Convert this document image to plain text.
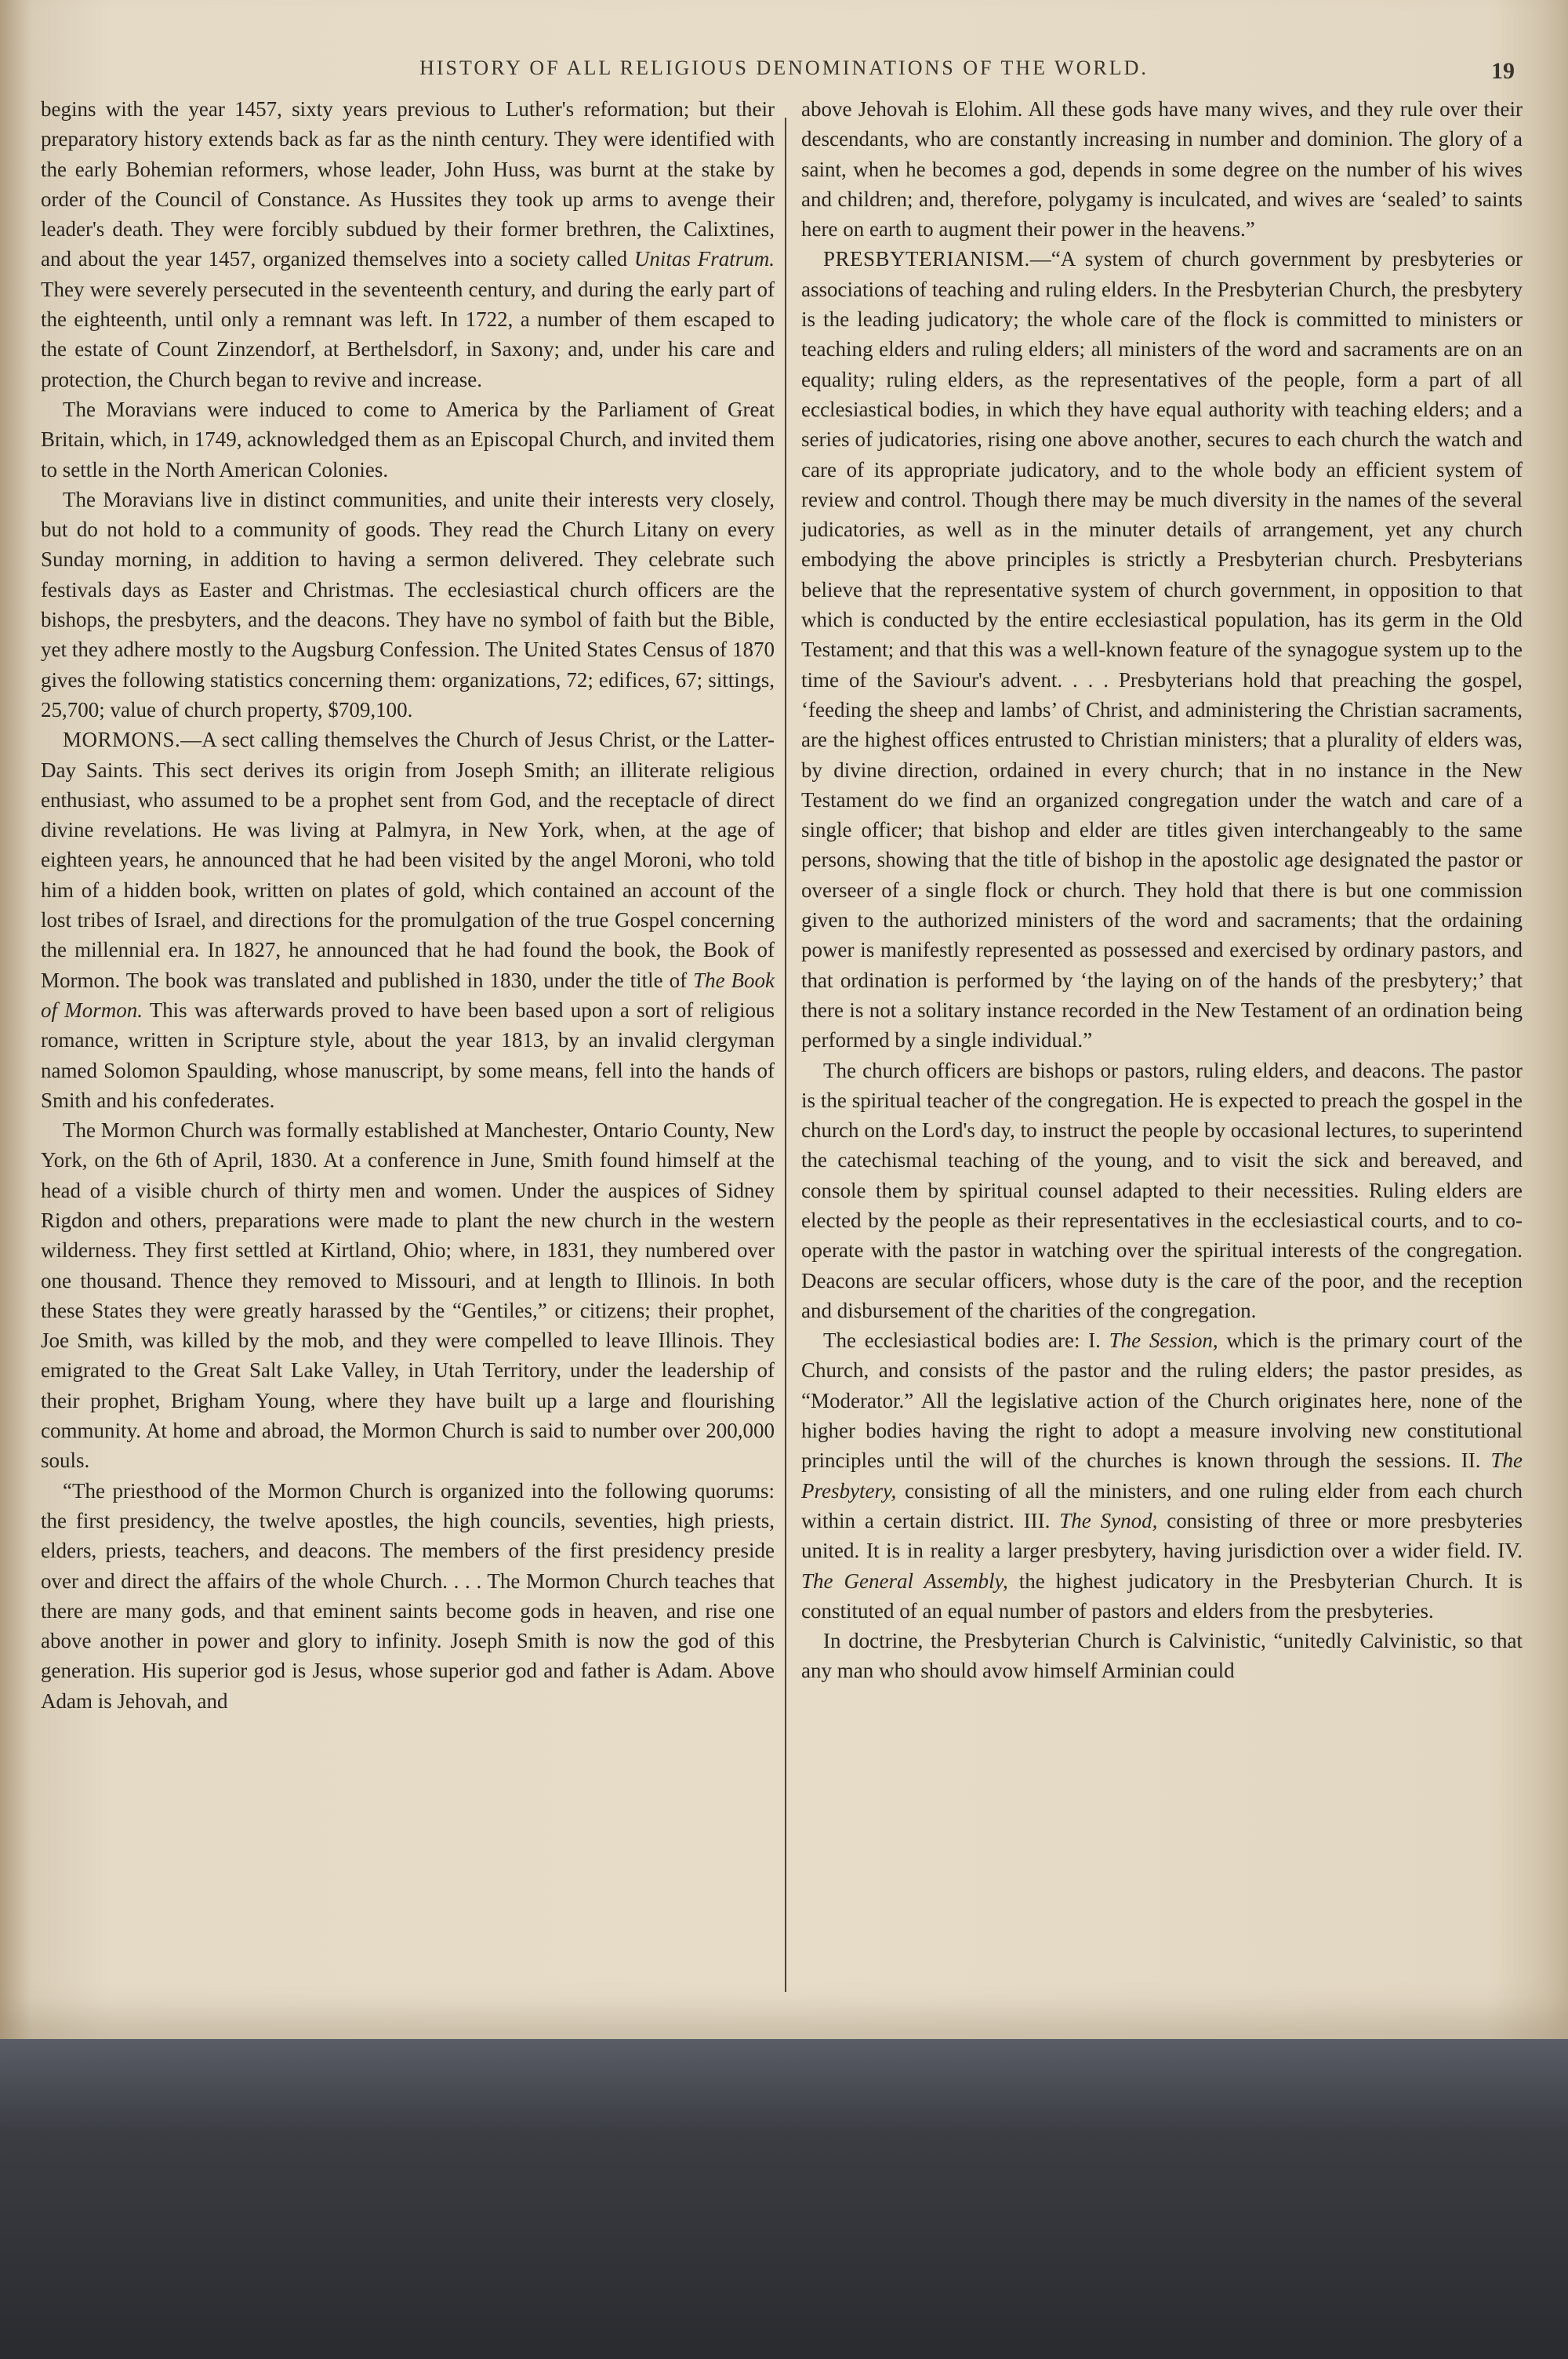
HISTORY OF ALL RELIGIOUS DENOMINATIONS OF THE WORLD.	19

begins with the year 1457, sixty years previous to Luther's reformation; but their preparatory history extends back as far as the ninth century. They were identified with the early Bohemian reformers, whose leader, John Huss, was burnt at the stake by order of the Council of Constance. As Hussites they took up arms to avenge their leader's death. They were forcibly subdued by their former brethren, the Calixtines, and about the year 1457, organized themselves into a society called Unitas Fratrum. They were severely persecuted in the seventeenth century, and during the early part of the eighteenth, until only a remnant was left. In 1722, a number of them escaped to the estate of Count Zinzendorf, at Berthelsdorf, in Saxony; and, under his care and protection, the Church began to revive and increase.

The Moravians were induced to come to America by the Parliament of Great Britain, which, in 1749, acknowledged them as an Episcopal Church, and invited them to settle in the North American Colonies.

The Moravians live in distinct communities, and unite their interests very closely, but do not hold to a community of goods. They read the Church Litany on every Sunday morning, in addition to having a sermon delivered. They celebrate such festivals days as Easter and Christmas. The ecclesiastical church officers are the bishops, the presbyters, and the deacons. They have no symbol of faith but the Bible, yet they adhere mostly to the Augsburg Confession. The United States Census of 1870 gives the following statistics concerning them: organizations, 72; edifices, 67; sittings, 25,700; value of church property, $709,100.

MORMONS.—A sect calling themselves the Church of Jesus Christ, or the Latter-Day Saints. This sect derives its origin from Joseph Smith; an illiterate religious enthusiast, who assumed to be a prophet sent from God, and the receptacle of direct divine revelations. He was living at Palmyra, in New York, when, at the age of eighteen years, he announced that he had been visited by the angel Moroni, who told him of a hidden book, written on plates of gold, which contained an account of the lost tribes of Israel, and directions for the promulgation of the true Gospel concerning the millennial era. In 1827, he announced that he had found the book, the Book of Mormon. The book was translated and published in 1830, under the title of The Book of Mormon. This was afterwards proved to have been based upon a sort of religious romance, written in Scripture style, about the year 1813, by an invalid clergyman named Solomon Spaulding, whose manuscript, by some means, fell into the hands of Smith and his confederates.

The Mormon Church was formally established at Manchester, Ontario County, New York, on the 6th of April, 1830. At a conference in June, Smith found himself at the head of a visible church of thirty men and women. Under the auspices of Sidney Rigdon and others, preparations were made to plant the new church in the western wilderness. They first settled at Kirtland, Ohio; where, in 1831, they numbered over one thousand. Thence they removed to Missouri, and at length to Illinois. In both these States they were greatly harassed by the “Gentiles,” or citizens; their prophet, Joe Smith, was killed by the mob, and they were compelled to leave Illinois. They emigrated to the Great Salt Lake Valley, in Utah Territory, under the leadership of their prophet, Brigham Young, where they have built up a large and flourishing community. At home and abroad, the Mormon Church is said to number over 200,000 souls.

“The priesthood of the Mormon Church is organized into the following quorums: the first presidency, the twelve apostles, the high councils, seventies, high priests, elders, priests, teachers, and deacons. The members of the first presidency preside over and direct the affairs of the whole Church. . . . The Mormon Church teaches that there are many gods, and that eminent saints become gods in heaven, and rise one above another in power and glory to infinity. Joseph Smith is now the god of this generation. His superior god is Jesus, whose superior god and father is Adam. Above Adam is Jehovah, and

above Jehovah is Elohim. All these gods have many wives, and they rule over their descendants, who are constantly increasing in number and dominion. The glory of a saint, when he becomes a god, depends in some degree on the number of his wives and children; and, therefore, polygamy is inculcated, and wives are ‘sealed’ to saints here on earth to augment their power in the heavens.”

PRESBYTERIANISM.—“A system of church government by presbyteries or associations of teaching and ruling elders. In the Presbyterian Church, the presbytery is the leading judicatory; the whole care of the flock is committed to ministers or teaching elders and ruling elders; all ministers of the word and sacraments are on an equality; ruling elders, as the representatives of the people, form a part of all ecclesiastical bodies, in which they have equal authority with teaching elders; and a series of judicatories, rising one above another, secures to each church the watch and care of its appropriate judicatory, and to the whole body an efficient system of review and control. Though there may be much diversity in the names of the several judicatories, as well as in the minuter details of arrangement, yet any church embodying the above principles is strictly a Presbyterian church. Presbyterians believe that the representative system of church government, in opposition to that which is conducted by the entire ecclesiastical population, has its germ in the Old Testament; and that this was a well-known feature of the synagogue system up to the time of the Saviour's advent. . . . Presbyterians hold that preaching the gospel, ‘feeding the sheep and lambs’ of Christ, and administering the Christian sacraments, are the highest offices entrusted to Christian ministers; that a plurality of elders was, by divine direction, ordained in every church; that in no instance in the New Testament do we find an organized congregation under the watch and care of a single officer; that bishop and elder are titles given interchangeably to the same persons, showing that the title of bishop in the apostolic age designated the pastor or overseer of a single flock or church. They hold that there is but one commission given to the authorized ministers of the word and sacraments; that the ordaining power is manifestly represented as possessed and exercised by ordinary pastors, and that ordination is performed by ‘the laying on of the hands of the presbytery;’ that there is not a solitary instance recorded in the New Testament of an ordination being performed by a single individual.”

The church officers are bishops or pastors, ruling elders, and deacons. The pastor is the spiritual teacher of the congregation. He is expected to preach the gospel in the church on the Lord's day, to instruct the people by occasional lectures, to superintend the catechismal teaching of the young, and to visit the sick and bereaved, and console them by spiritual counsel adapted to their necessities. Ruling elders are elected by the people as their representatives in the ecclesiastical courts, and to co-operate with the pastor in watching over the spiritual interests of the congregation. Deacons are secular officers, whose duty is the care of the poor, and the reception and disbursement of the charities of the congregation.

The ecclesiastical bodies are: I. The Session, which is the primary court of the Church, and consists of the pastor and the ruling elders; the pastor presides, as “Moderator.” All the legislative action of the Church originates here, none of the higher bodies having the right to adopt a measure involving new constitutional principles until the will of the churches is known through the sessions. II. The Presbytery, consisting of all the ministers, and one ruling elder from each church within a certain district. III. The Synod, consisting of three or more presbyteries united. It is in reality a larger presbytery, having jurisdiction over a wider field. IV. The General Assembly, the highest judicatory in the Presbyterian Church. It is constituted of an equal number of pastors and elders from the presbyteries.

In doctrine, the Presbyterian Church is Calvinistic, “unitedly Calvinistic, so that any man who should avow himself Arminian could
